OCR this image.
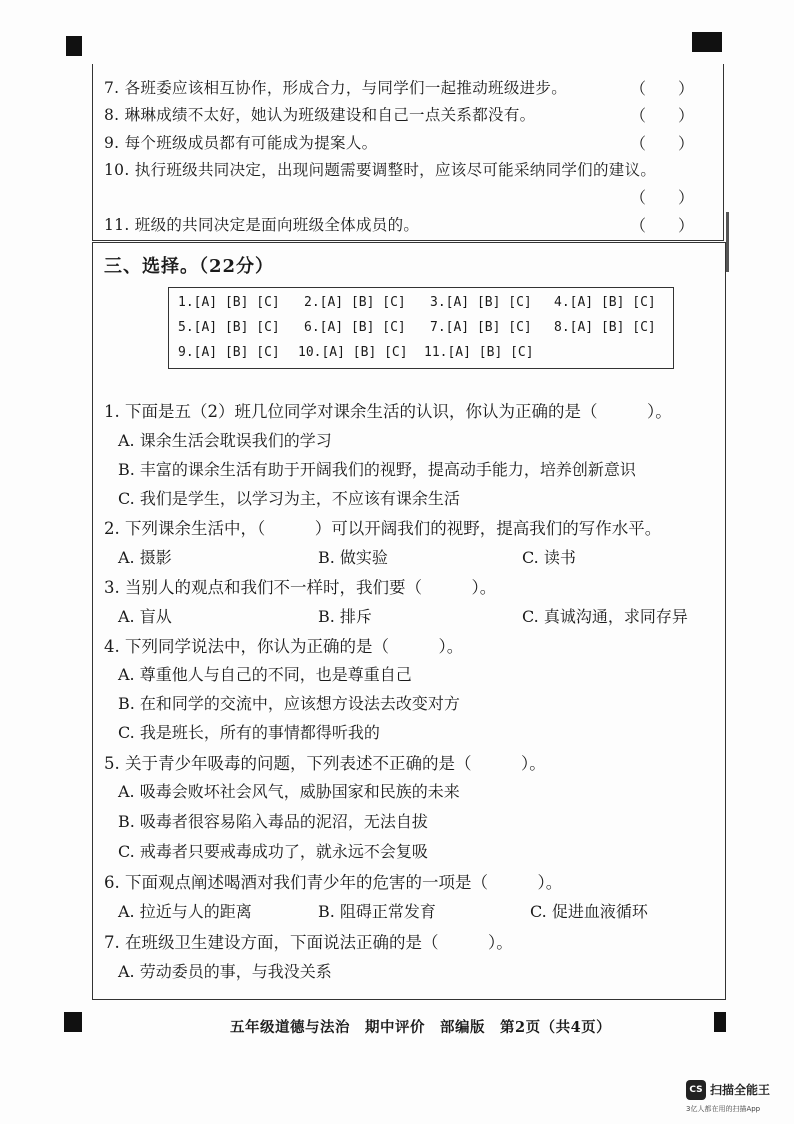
7. 各班委应该相互协作，形成合力，与同学们一起推动班级进步。	（　　）
8. 琳琳成绩不太好，她认为班级建设和自己一点关系都没有。	（　　）
9. 每个班级成员都有可能成为提案人。	（　　）
10. 执行班级共同决定，出现问题需要调整时，应该尽可能采纳同学们的建议。
（　　）
11. 班级的共同决定是面向班级全体成员的。	（　　）
三、选择。（22分）
1.[A] [B] [C] 2.[A] [B] [C] 3.[A] [B] [C] 4.[A] [B] [C]
5.[A] [B] [C] 6.[A] [B] [C] 7.[A] [B] [C] 8.[A] [B] [C]
9.[A] [B] [C] 10.[A] [B] [C] 11.[A] [B] [C]
1. 下面是五（2）班几位同学对课余生活的认识，你认为正确的是（　　　）。
A. 课余生活会耽误我们的学习
B. 丰富的课余生活有助于开阔我们的视野，提高动手能力，培养创新意识
C. 我们是学生，以学习为主，不应该有课余生活
2. 下列课余生活中，（　　　）可以开阔我们的视野，提高我们的写作水平。
A. 摄影	B. 做实验	C. 读书
3. 当别人的观点和我们不一样时，我们要（　　　）。
A. 盲从	B. 排斥	C. 真诚沟通，求同存异
4. 下列同学说法中，你认为正确的是（　　　）。
A. 尊重他人与自己的不同，也是尊重自己
B. 在和同学的交流中，应该想方设法去改变对方
C. 我是班长，所有的事情都得听我的
5. 关于青少年吸毒的问题，下列表述不正确的是（　　　）。
A. 吸毒会败坏社会风气，威胁国家和民族的未来
B. 吸毒者很容易陷入毒品的泥沼，无法自拔
C. 戒毒者只要戒毒成功了，就永远不会复吸
6. 下面观点阐述喝酒对我们青少年的危害的一项是（　　　）。
A. 拉近与人的距离	B. 阻碍正常发育	C. 促进血液循环
7. 在班级卫生建设方面，下面说法正确的是（　　　）。
A. 劳动委员的事，与我没关系
五年级道德与法治　期中评价　部编版　第2页（共4页）
CS 扫描全能王
3亿人都在用的扫描App
